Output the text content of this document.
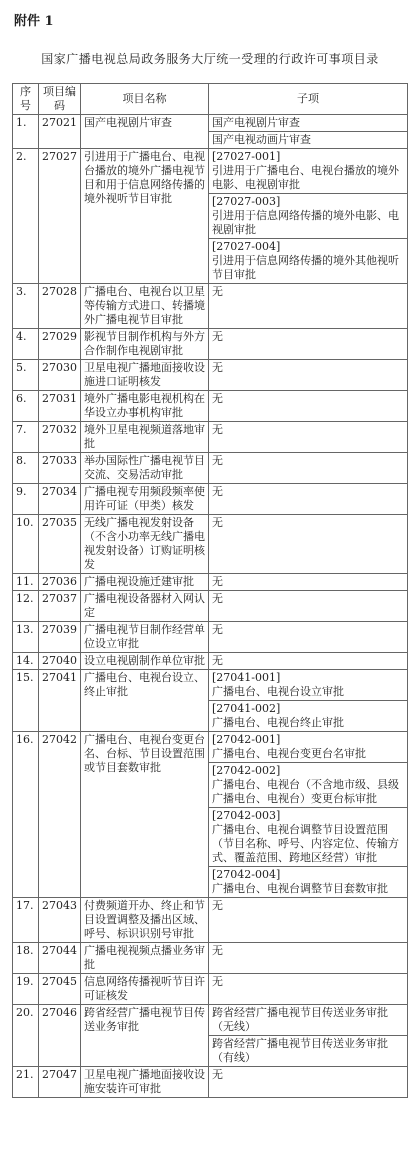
附件 1
国家广播电视总局政务服务大厅统一受理的行政许可事项目录
序号	项目编码	项目名称	子项
1.	27021	国产电视剧片审查	国产电视剧片审查
			国产电视动画片审查
2.	27027	引进用于广播电台、电视台播放的境外广播电视节目和用于信息网络传播的境外视听节目审批	[27027-001]
引进用于广播电台、电视台播放的境外电影、电视剧审批
			[27027-003]
引进用于信息网络传播的境外电影、电视剧审批
			[27027-004]
引进用于信息网络传播的境外其他视听节目审批
3.	27028	广播电台、电视台以卫星等传输方式进口、转播境外广播电视节目审批	无
4.	27029	影视节目制作机构与外方合作制作电视剧审批	无
5.	27030	卫星电视广播地面接收设施进口证明核发	无
6.	27031	境外广播电影电视机构在华设立办事机构审批	无
7.	27032	境外卫星电视频道落地审批	无
8.	27033	举办国际性广播电视节目交流、交易活动审批	无
9.	27034	广播电视专用频段频率使用许可证（甲类）核发	无
10.	27035	无线广播电视发射设备（不含小功率无线广播电视发射设备）订购证明核发	无
11.	27036	广播电视设施迁建审批	无
12.	27037	广播电视设备器材入网认定	无
13.	27039	广播电视节目制作经营单位设立审批	无
14.	27040	设立电视剧制作单位审批	无
15.	27041	广播电台、电视台设立、终止审批	[27041-001]
广播电台、电视台设立审批
			[27041-002]
广播电台、电视台终止审批
16.	27042	广播电台、电视台变更台名、台标、节目设置范围或节目套数审批	[27042-001]
广播电台、电视台变更台名审批
			[27042-002]
广播电台、电视台（不含地市级、县级广播电台、电视台）变更台标审批
			[27042-003]
广播电台、电视台调整节目设置范围（节目名称、呼号、内容定位、传输方式、覆盖范围、跨地区经营）审批
			[27042-004]
广播电台、电视台调整节目套数审批
17.	27043	付费频道开办、终止和节目设置调整及播出区域、呼号、标识识别号审批	无
18.	27044	广播电视视频点播业务审批	无
19.	27045	信息网络传播视听节目许可证核发	无
20.	27046	跨省经营广播电视节目传送业务审批	跨省经营广播电视节目传送业务审批（无线）
			跨省经营广播电视节目传送业务审批（有线）
21.	27047	卫星电视广播地面接收设施安装许可审批	无
